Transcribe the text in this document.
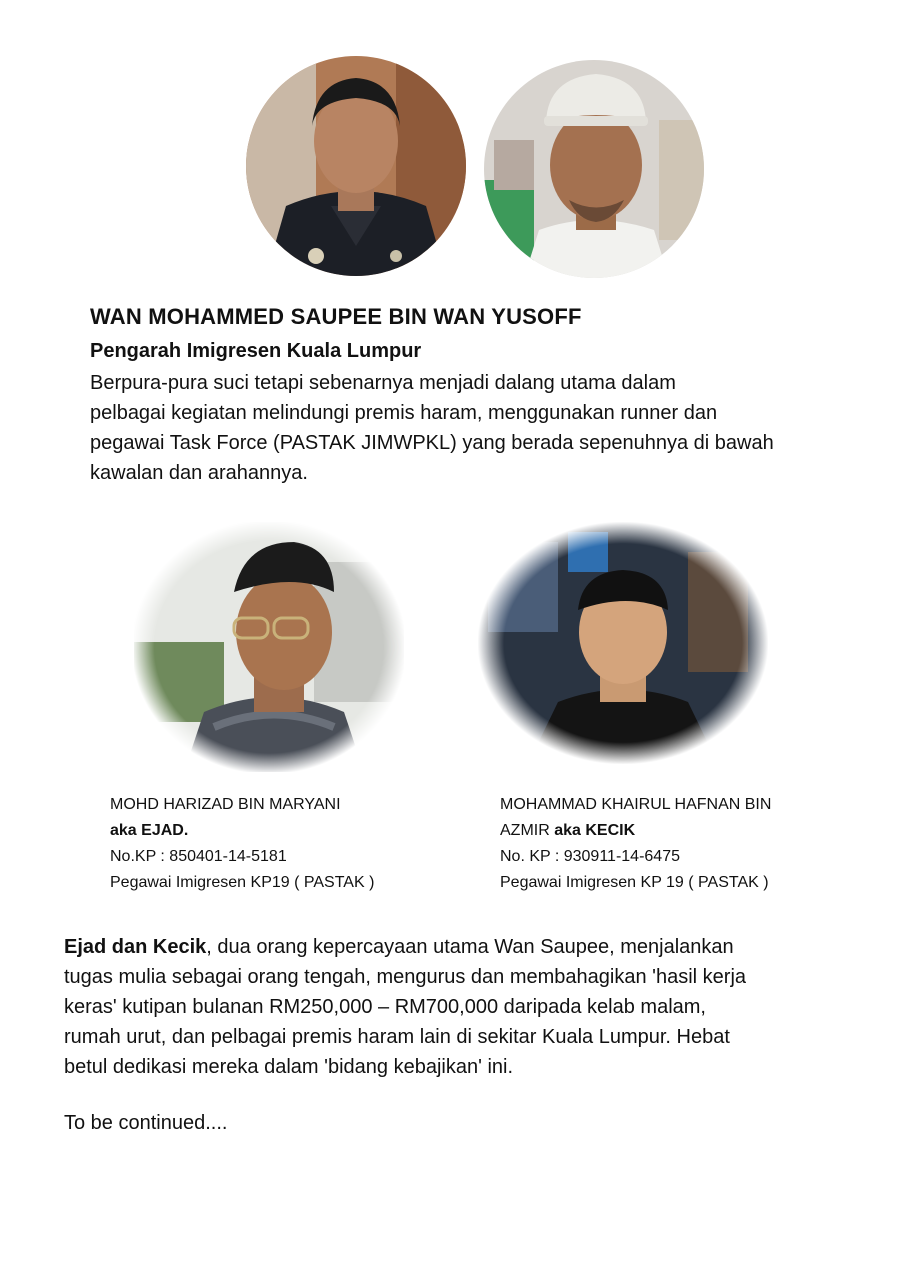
WAN MOHAMMED SAUPEE BIN WAN YUSOFF
Pengarah Imigresen Kuala Lumpur

Berpura-pura suci tetapi sebenarnya menjadi dalang utama dalam

pelbagai kegiatan melindungi premis haram, menggunakan runner dan

pegawai Task Force (PASTAK JIMWPKL) yang berada sepenuhnya di bawah

kawalan dan arahannya.

MOHD HARIZAD BIN MARYANI
aka EJAD.
No.KP : 850401-14-5181
Pegawai Imigresen KP19 ( PASTAK )
MOHAMMAD KHAIRUL HAFNAN BIN
AZMIR aka KECIK
No. KP : 930911-14-6475
Pegawai Imigresen KP 19 ( PASTAK )

Ejad dan Kecik, dua orang kepercayaan utama Wan Saupee, menjalankan

tugas mulia sebagai orang tengah, mengurus dan membahagikan 'hasil kerja

keras' kutipan bulanan RM250,000 – RM700,000 daripada kelab malam,

rumah urut, dan pelbagai premis haram lain di sekitar Kuala Lumpur. Hebat

betul dedikasi mereka dalam 'bidang kebajikan' ini.

To be continued....
